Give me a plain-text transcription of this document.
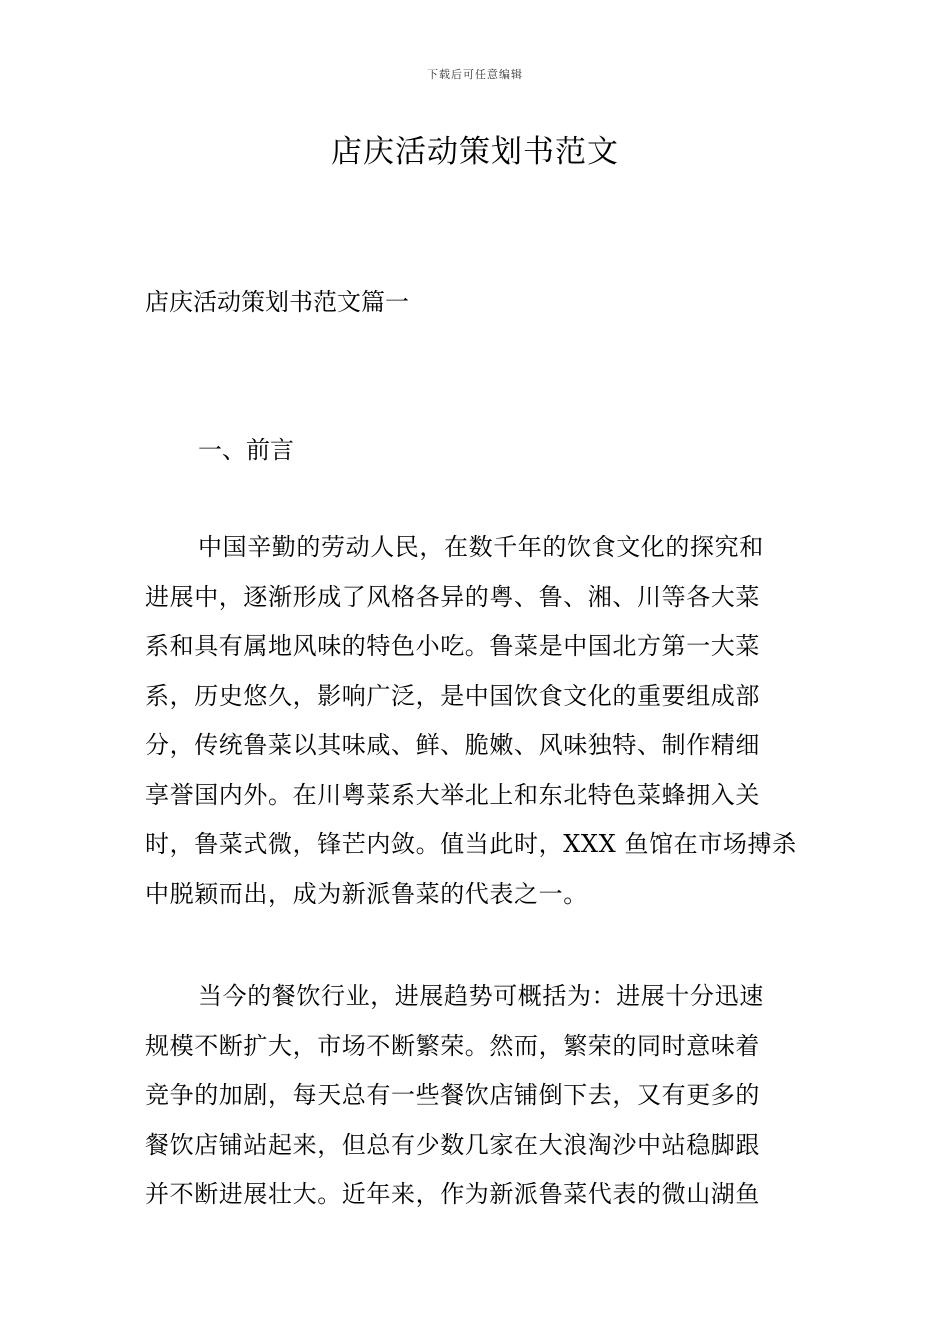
下载后可任意编辑
店庆活动策划书范文
店庆活动策划书范文篇一
一、前言
中国辛勤的劳动人民，在数千年的饮食文化的探究和
进展中，逐渐形成了风格各异的粤、鲁、湘、川等各大菜
系和具有属地风味的特色小吃。鲁菜是中国北方第一大菜
系，历史悠久，影响广泛，是中国饮食文化的重要组成部
分，传统鲁菜以其味咸、鲜、脆嫩、风味独特、制作精细
享誉国内外。在川粤菜系大举北上和东北特色菜蜂拥入关
时，鲁菜式微，锋芒内敛。值当此时，XXX 鱼馆在市场搏杀
中脱颖而出，成为新派鲁菜的代表之一。
当今的餐饮行业，进展趋势可概括为：进展十分迅速
规模不断扩大，市场不断繁荣。然而，繁荣的同时意味着
竞争的加剧，每天总有一些餐饮店铺倒下去，又有更多的
餐饮店铺站起来，但总有少数几家在大浪淘沙中站稳脚跟
并不断进展壮大。近年来，作为新派鲁菜代表的微山湖鱼
